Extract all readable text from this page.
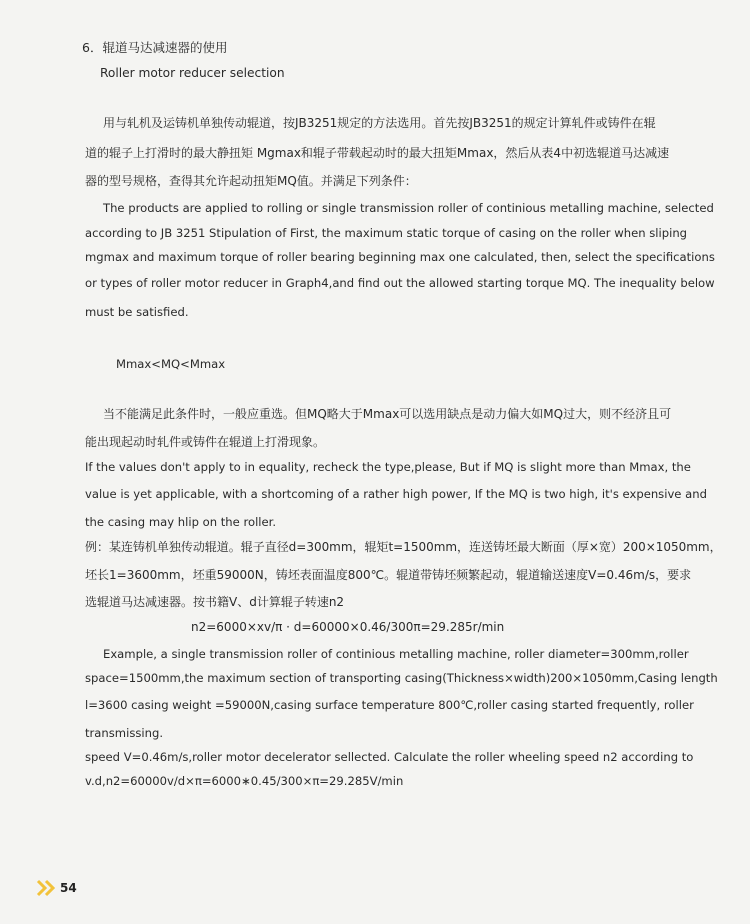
6．辊道马达减速器的使用
Roller motor reducer selection
用与轧机及运铸机单独传动辊道，按JB3251规定的方法选用。首先按JB3251的规定计算轧件或铸件在辊
道的辊子上打滑时的最大静扭矩 Mgmax和辊子带载起动时的最大扭矩Mmax，然后从表4中初选辊道马达减速
器的型号规格，查得其允许起动扭矩MQ值。并满足下列条件：
The products are applied to rolling or single transmission roller of continious metalling machine, selected
according to JB 3251 Stipulation of First, the maximum static torque of casing on the roller when sliping
mgmax and maximum torque of roller bearing beginning max one calculated, then, select the specifications
or types of roller motor reducer in Graph4,and find out the allowed starting torque MQ. The inequality below
must be satisfied.
Mmax<MQ<Mmax
当不能满足此条件时，一般应重选。但MQ略大于Mmax可以选用缺点是动力偏大如MQ过大，则不经济且可
能出现起动时轧件或铸件在辊道上打滑现象。
If the values don't apply to in equality, recheck the type,please, But if MQ is slight more than Mmax, the
value is yet applicable, with a shortcoming of a rather high power, If the MQ is two high, it's expensive and
the casing may hlip on the roller.
例：某连铸机单独传动辊道。辊子直径d=300mm，辊矩t=1500mm，连送铸坯最大断面（厚×宽）200×1050mm，
坯长1=3600mm，坯重59000N，铸坯表面温度800℃。辊道带铸坯频繁起动，辊道输送速度V=0.46m/s，要求
选辊道马达减速器。按书籍V、d计算辊子转速n2
n2=6000×xv/π · d=60000×0.46/300π=29.285r/min
Example, a single transmission roller of continious metalling machine, roller diameter=300mm,roller
space=1500mm,the maximum section of transporting casing(Thickness×width)200×1050mm,Casing length
l=3600 casing weight =59000N,casing surface temperature 800℃,roller casing started frequently, roller
transmissing.
speed V=0.46m/s,roller motor decelerator sellected. Calculate the roller wheeling speed n2 according to
v.d,n2=60000v/d×π=6000∗0.45/300×π=29.285V/min
54
